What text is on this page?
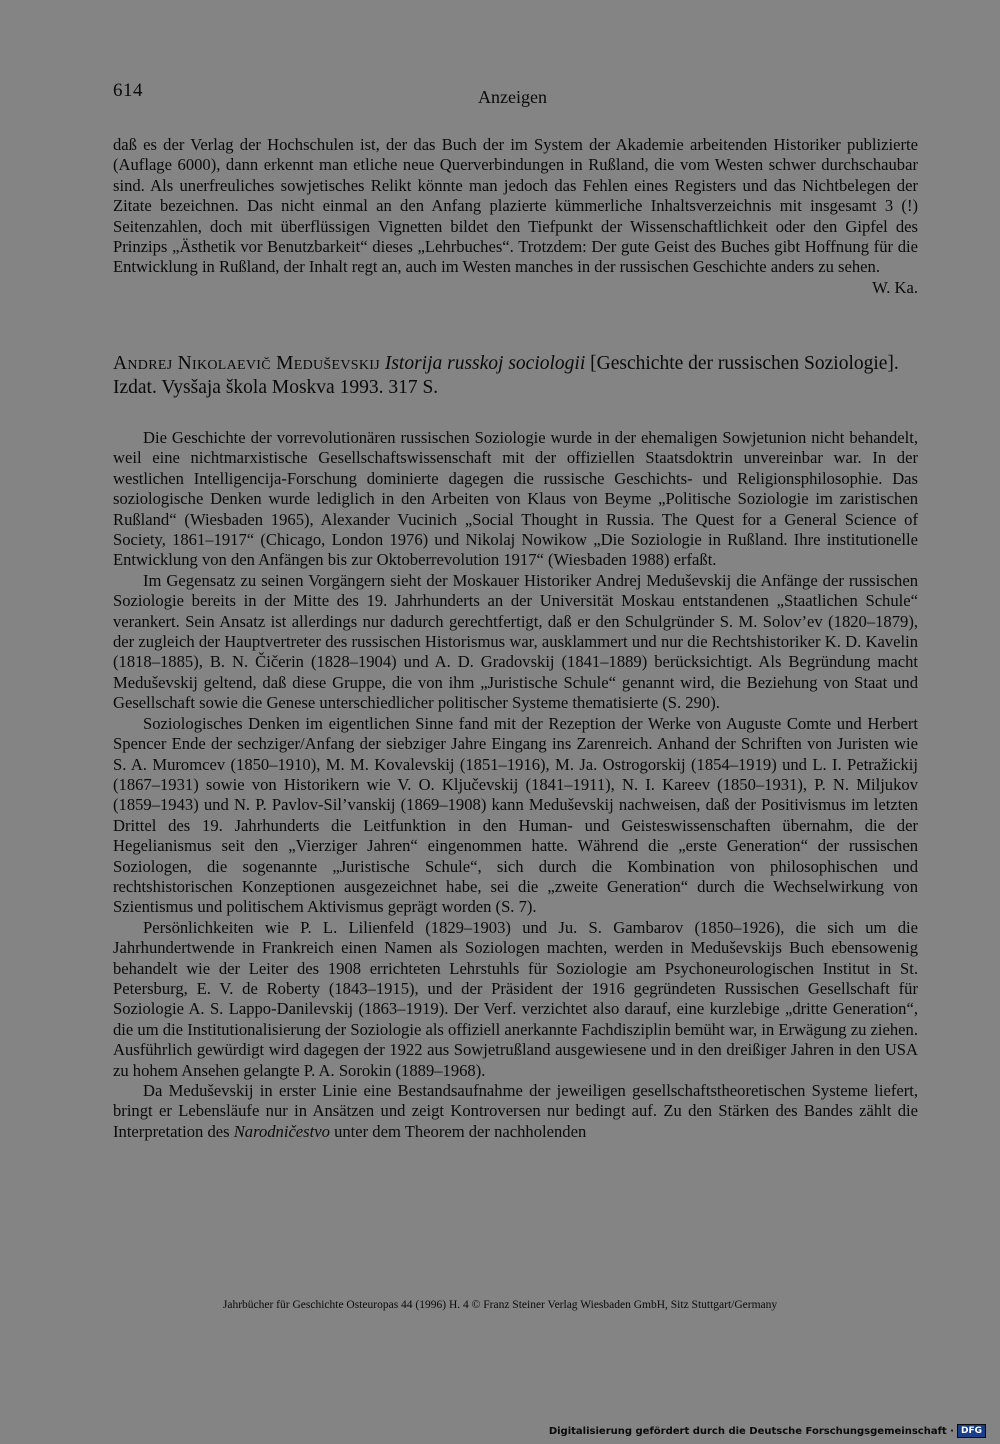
614	Anzeigen

daß es der Verlag der Hochschulen ist, der das Buch der im System der Akademie arbeitenden Historiker publizierte (Auflage 6000), dann erkennt man etliche neue Querverbindungen in Rußland, die vom Westen schwer durchschaubar sind. Als unerfreuliches sowjetisches Relikt könnte man jedoch das Fehlen eines Registers und das Nichtbelegen der Zitate bezeichnen. Das nicht einmal an den Anfang plazierte kümmerliche Inhaltsverzeichnis mit insgesamt 3 (!) Seitenzahlen, doch mit überflüssigen Vignetten bildet den Tiefpunkt der Wissenschaftlichkeit oder den Gipfel des Prinzips „Ästhetik vor Benutzbarkeit“ dieses „Lehrbuches“. Trotzdem: Der gute Geist des Buches gibt Hoffnung für die Entwicklung in Rußland, der Inhalt regt an, auch im Westen manches in der russischen Geschichte anders zu sehen.
W. Ka.

Andrej Nikolaevič Meduševskij Istorija russkoj sociologii [Geschichte der russischen Soziologie]. Izdat. Vysšaja škola Moskva 1993. 317 S.

Die Geschichte der vorrevolutionären russischen Soziologie wurde in der ehemaligen Sowjetunion nicht behandelt, weil eine nichtmarxistische Gesellschaftswissenschaft mit der offiziellen Staatsdoktrin unvereinbar war. In der westlichen Intelligencija-Forschung dominierte dagegen die russische Geschichts- und Religionsphilosophie. Das soziologische Denken wurde lediglich in den Arbeiten von Klaus von Beyme „Politische Soziologie im zaristischen Rußland“ (Wiesbaden 1965), Alexander Vucinich „Social Thought in Russia. The Quest for a General Science of Society, 1861–1917“ (Chicago, London 1976) und Nikolaj Nowikow „Die Soziologie in Rußland. Ihre institutionelle Entwicklung von den Anfängen bis zur Oktoberrevolution 1917“ (Wiesbaden 1988) erfaßt.

Im Gegensatz zu seinen Vorgängern sieht der Moskauer Historiker Andrej Meduševskij die Anfänge der russischen Soziologie bereits in der Mitte des 19. Jahrhunderts an der Universität Moskau entstandenen „Staatlichen Schule“ verankert. Sein Ansatz ist allerdings nur dadurch gerechtfertigt, daß er den Schulgründer S. M. Solov’ev (1820–1879), der zugleich der Hauptvertreter des russischen Historismus war, ausklammert und nur die Rechtshistoriker K. D. Kavelin (1818–1885), B. N. Čičerin (1828–1904) und A. D. Gradovskij (1841–1889) berücksichtigt. Als Begründung macht Meduševskij geltend, daß diese Gruppe, die von ihm „Juristische Schule“ genannt wird, die Beziehung von Staat und Gesellschaft sowie die Genese unterschiedlicher politischer Systeme thematisierte (S. 290).

Soziologisches Denken im eigentlichen Sinne fand mit der Rezeption der Werke von Auguste Comte und Herbert Spencer Ende der sechziger/Anfang der siebziger Jahre Eingang ins Zarenreich. Anhand der Schriften von Juristen wie S. A. Muromcev (1850–1910), M. M. Kovalevskij (1851–1916), M. Ja. Ostrogorskij (1854–1919) und L. I. Petražickij (1867–1931) sowie von Historikern wie V. O. Ključevskij (1841–1911), N. I. Kareev (1850–1931), P. N. Miljukov (1859–1943) und N. P. Pavlov-Sil’vanskij (1869–1908) kann Meduševskij nachweisen, daß der Positivismus im letzten Drittel des 19. Jahrhunderts die Leitfunktion in den Human- und Geisteswissenschaften übernahm, die der Hegelianismus seit den „Vierziger Jahren“ eingenommen hatte. Während die „erste Generation“ der russischen Soziologen, die sogenannte „Juristische Schule“, sich durch die Kombination von philosophischen und rechtshistorischen Konzeptionen ausgezeichnet habe, sei die „zweite Generation“ durch die Wechselwirkung von Szientismus und politischem Aktivismus geprägt worden (S. 7).

Persönlichkeiten wie P. L. Lilienfeld (1829–1903) und Ju. S. Gambarov (1850–1926), die sich um die Jahrhundertwende in Frankreich einen Namen als Soziologen machten, werden in Meduševskijs Buch ebensowenig behandelt wie der Leiter des 1908 errichteten Lehrstuhls für Soziologie am Psychoneurologischen Institut in St. Petersburg, E. V. de Roberty (1843–1915), und der Präsident der 1916 gegründeten Russischen Gesellschaft für Soziologie A. S. Lappo-Danilevskij (1863–1919). Der Verf. verzichtet also darauf, eine kurzlebige „dritte Generation“, die um die Institutionalisierung der Soziologie als offiziell anerkannte Fachdisziplin bemüht war, in Erwägung zu ziehen. Ausführlich gewürdigt wird dagegen der 1922 aus Sowjetrußland ausgewiesene und in den dreißiger Jahren in den USA zu hohem Ansehen gelangte P. A. Sorokin (1889–1968).

Da Meduševskij in erster Linie eine Bestandsaufnahme der jeweiligen gesellschaftstheoretischen Systeme liefert, bringt er Lebensläufe nur in Ansätzen und zeigt Kontroversen nur bedingt auf. Zu den Stärken des Bandes zählt die Interpretation des Narodničestvo unter dem Theorem der nachholenden

Jahrbücher für Geschichte Osteuropas 44 (1996) H. 4 © Franz Steiner Verlag Wiesbaden GmbH, Sitz Stuttgart/Germany
Digitalisierung gefördert durch die Deutsche Forschungsgemeinschaft · DFG
